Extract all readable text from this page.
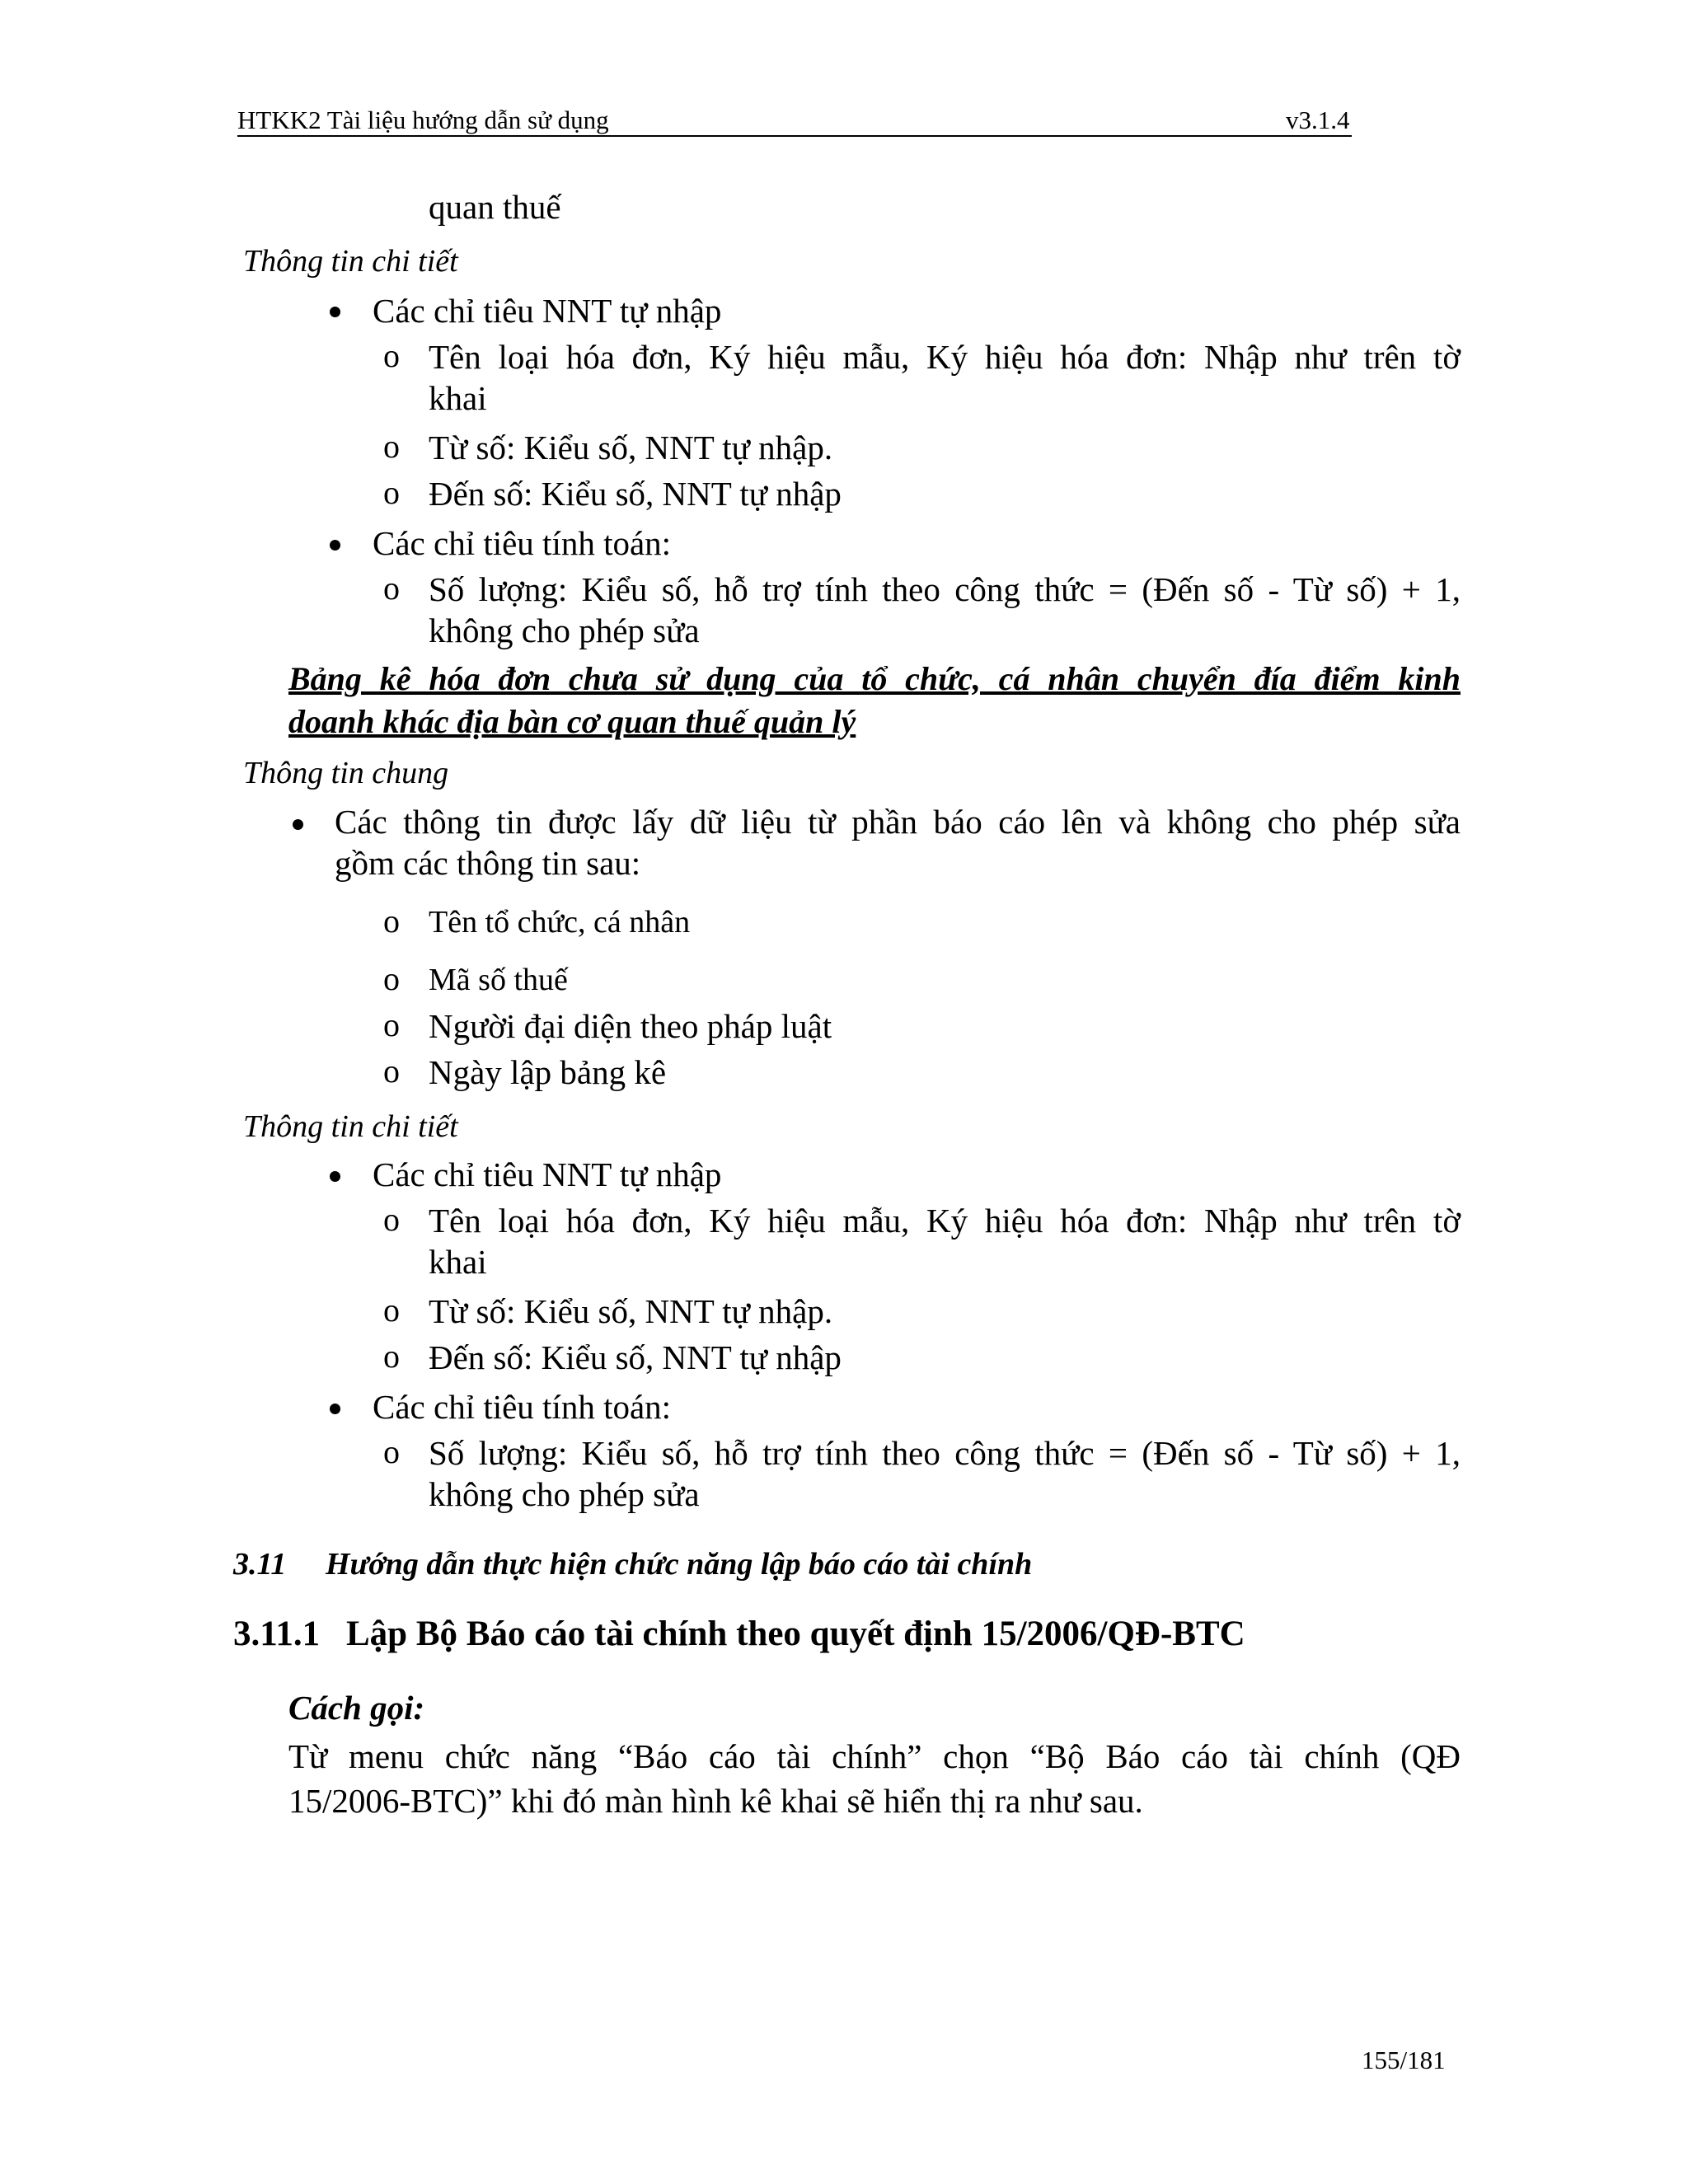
HTKK2 Tài liệu hướng dẫn sử dụng	v3.1.4
quan thuế
Thông tin chi tiết
Các chỉ tiêu NNT tự nhập
o Tên loại hóa đơn, Ký hiệu mẫu, Ký hiệu hóa đơn: Nhập như trên tờ
khai
o Từ số: Kiểu số, NNT tự nhập.
o Đến số: Kiểu số, NNT tự nhập
Các chỉ tiêu tính toán:
o Số lượng: Kiểu số, hỗ trợ tính theo công thức = (Đến số - Từ số) + 1,
không cho phép sửa
Bảng kê hóa đơn chưa sử dụng của tổ chức, cá nhân chuyển đía điểm kinh
doanh khác địa bàn cơ quan thuế quản lý
Thông tin chung
Các thông tin được lấy dữ liệu từ phần báo cáo lên và không cho phép sửa
gồm các thông tin sau:
o Tên tổ chức, cá nhân
o Mã số thuế
o Người đại diện theo pháp luật
o Ngày lập bảng kê
Thông tin chi tiết
Các chỉ tiêu NNT tự nhập
o Tên loại hóa đơn, Ký hiệu mẫu, Ký hiệu hóa đơn: Nhập như trên tờ
khai
o Từ số: Kiểu số, NNT tự nhập.
o Đến số: Kiểu số, NNT tự nhập
Các chỉ tiêu tính toán:
o Số lượng: Kiểu số, hỗ trợ tính theo công thức = (Đến số - Từ số) + 1,
không cho phép sửa
3.11 Hướng dẫn thực hiện chức năng lập báo cáo tài chính
3.11.1 Lập Bộ Báo cáo tài chính theo quyết định 15/2006/QĐ-BTC
Cách gọi:
Từ menu chức năng “Báo cáo tài chính” chọn “Bộ Báo cáo tài chính (QĐ
15/2006-BTC)” khi đó màn hình kê khai sẽ hiển thị ra như sau.
155/181
